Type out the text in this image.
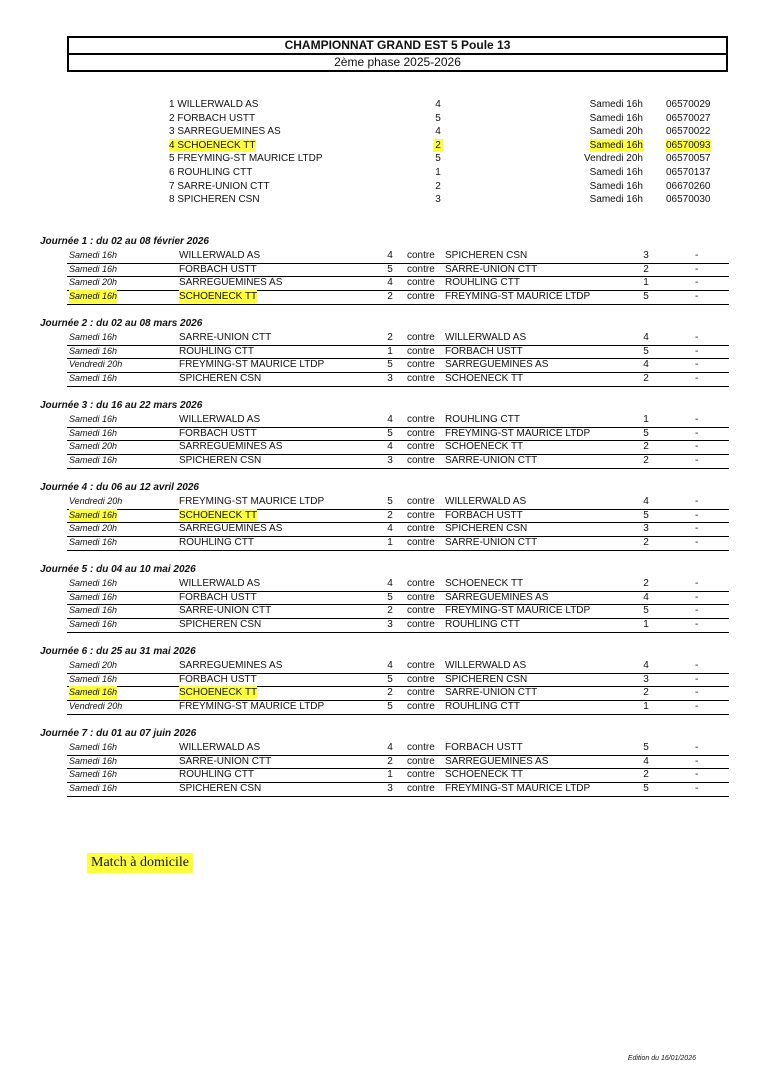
CHAMPIONNAT GRAND EST 5 Poule 13
2ème phase 2025-2026
1 WILLERWALD AS	4	Samedi 16h 06570029
2 FORBACH USTT	5	Samedi 16h 06570027
3 SARREGUEMINES AS	4	Samedi 20h 06570022
4 SCHOENECK TT	2	Samedi 16h 06570093
5 FREYMING-ST MAURICE LTDP	5	Vendredi 20h 06570057
6 ROUHLING CTT	1	Samedi 16h 06570137
7 SARRE-UNION CTT	2	Samedi 16h 06670260
8 SPICHEREN CSN	3	Samedi 16h 06570030
Journée 1 : du 02 au 08 février 2026
Samedi 16h	WILLERWALD AS	4 contre SPICHEREN CSN	3	-
Samedi 16h	FORBACH USTT	5 contre SARRE-UNION CTT	2	-
Samedi 20h	SARREGUEMINES AS	4 contre ROUHLING CTT	1	-
Samedi 16h	SCHOENECK TT	2 contre FREYMING-ST MAURICE LTDP	5	-
Journée 2 : du 02 au 08 mars 2026
Samedi 16h	SARRE-UNION CTT	2 contre WILLERWALD AS	4	-
Samedi 16h	ROUHLING CTT	1 contre FORBACH USTT	5	-
Vendredi 20h	FREYMING-ST MAURICE LTDP	5 contre SARREGUEMINES AS	4	-
Samedi 16h	SPICHEREN CSN	3 contre SCHOENECK TT	2	-
Journée 3 : du 16 au 22 mars 2026
Samedi 16h	WILLERWALD AS	4 contre ROUHLING CTT	1	-
Samedi 16h	FORBACH USTT	5 contre FREYMING-ST MAURICE LTDP	5	-
Samedi 20h	SARREGUEMINES AS	4 contre SCHOENECK TT	2	-
Samedi 16h	SPICHEREN CSN	3 contre SARRE-UNION CTT	2	-
Journée 4 : du 06 au 12 avril 2026
Vendredi 20h	FREYMING-ST MAURICE LTDP	5 contre WILLERWALD AS	4	-
Samedi 16h	SCHOENECK TT	2 contre FORBACH USTT	5	-
Samedi 20h	SARREGUEMINES AS	4 contre SPICHEREN CSN	3	-
Samedi 16h	ROUHLING CTT	1 contre SARRE-UNION CTT	2	-
Journée 5 : du 04 au 10 mai 2026
Samedi 16h	WILLERWALD AS	4 contre SCHOENECK TT	2	-
Samedi 16h	FORBACH USTT	5 contre SARREGUEMINES AS	4	-
Samedi 16h	SARRE-UNION CTT	2 contre FREYMING-ST MAURICE LTDP	5	-
Samedi 16h	SPICHEREN CSN	3 contre ROUHLING CTT	1	-
Journée 6 : du 25 au 31 mai 2026
Samedi 20h	SARREGUEMINES AS	4 contre WILLERWALD AS	4	-
Samedi 16h	FORBACH USTT	5 contre SPICHEREN CSN	3	-
Samedi 16h	SCHOENECK TT	2 contre SARRE-UNION CTT	2	-
Vendredi 20h	FREYMING-ST MAURICE LTDP	5 contre ROUHLING CTT	1	-
Journée 7 : du 01 au 07 juin 2026
Samedi 16h	WILLERWALD AS	4 contre FORBACH USTT	5	-
Samedi 16h	SARRE-UNION CTT	2 contre SARREGUEMINES AS	4	-
Samedi 16h	ROUHLING CTT	1 contre SCHOENECK TT	2	-
Samedi 16h	SPICHEREN CSN	3 contre FREYMING-ST MAURICE LTDP	5	-
Match à domicile
Edition du 16/01/2026
